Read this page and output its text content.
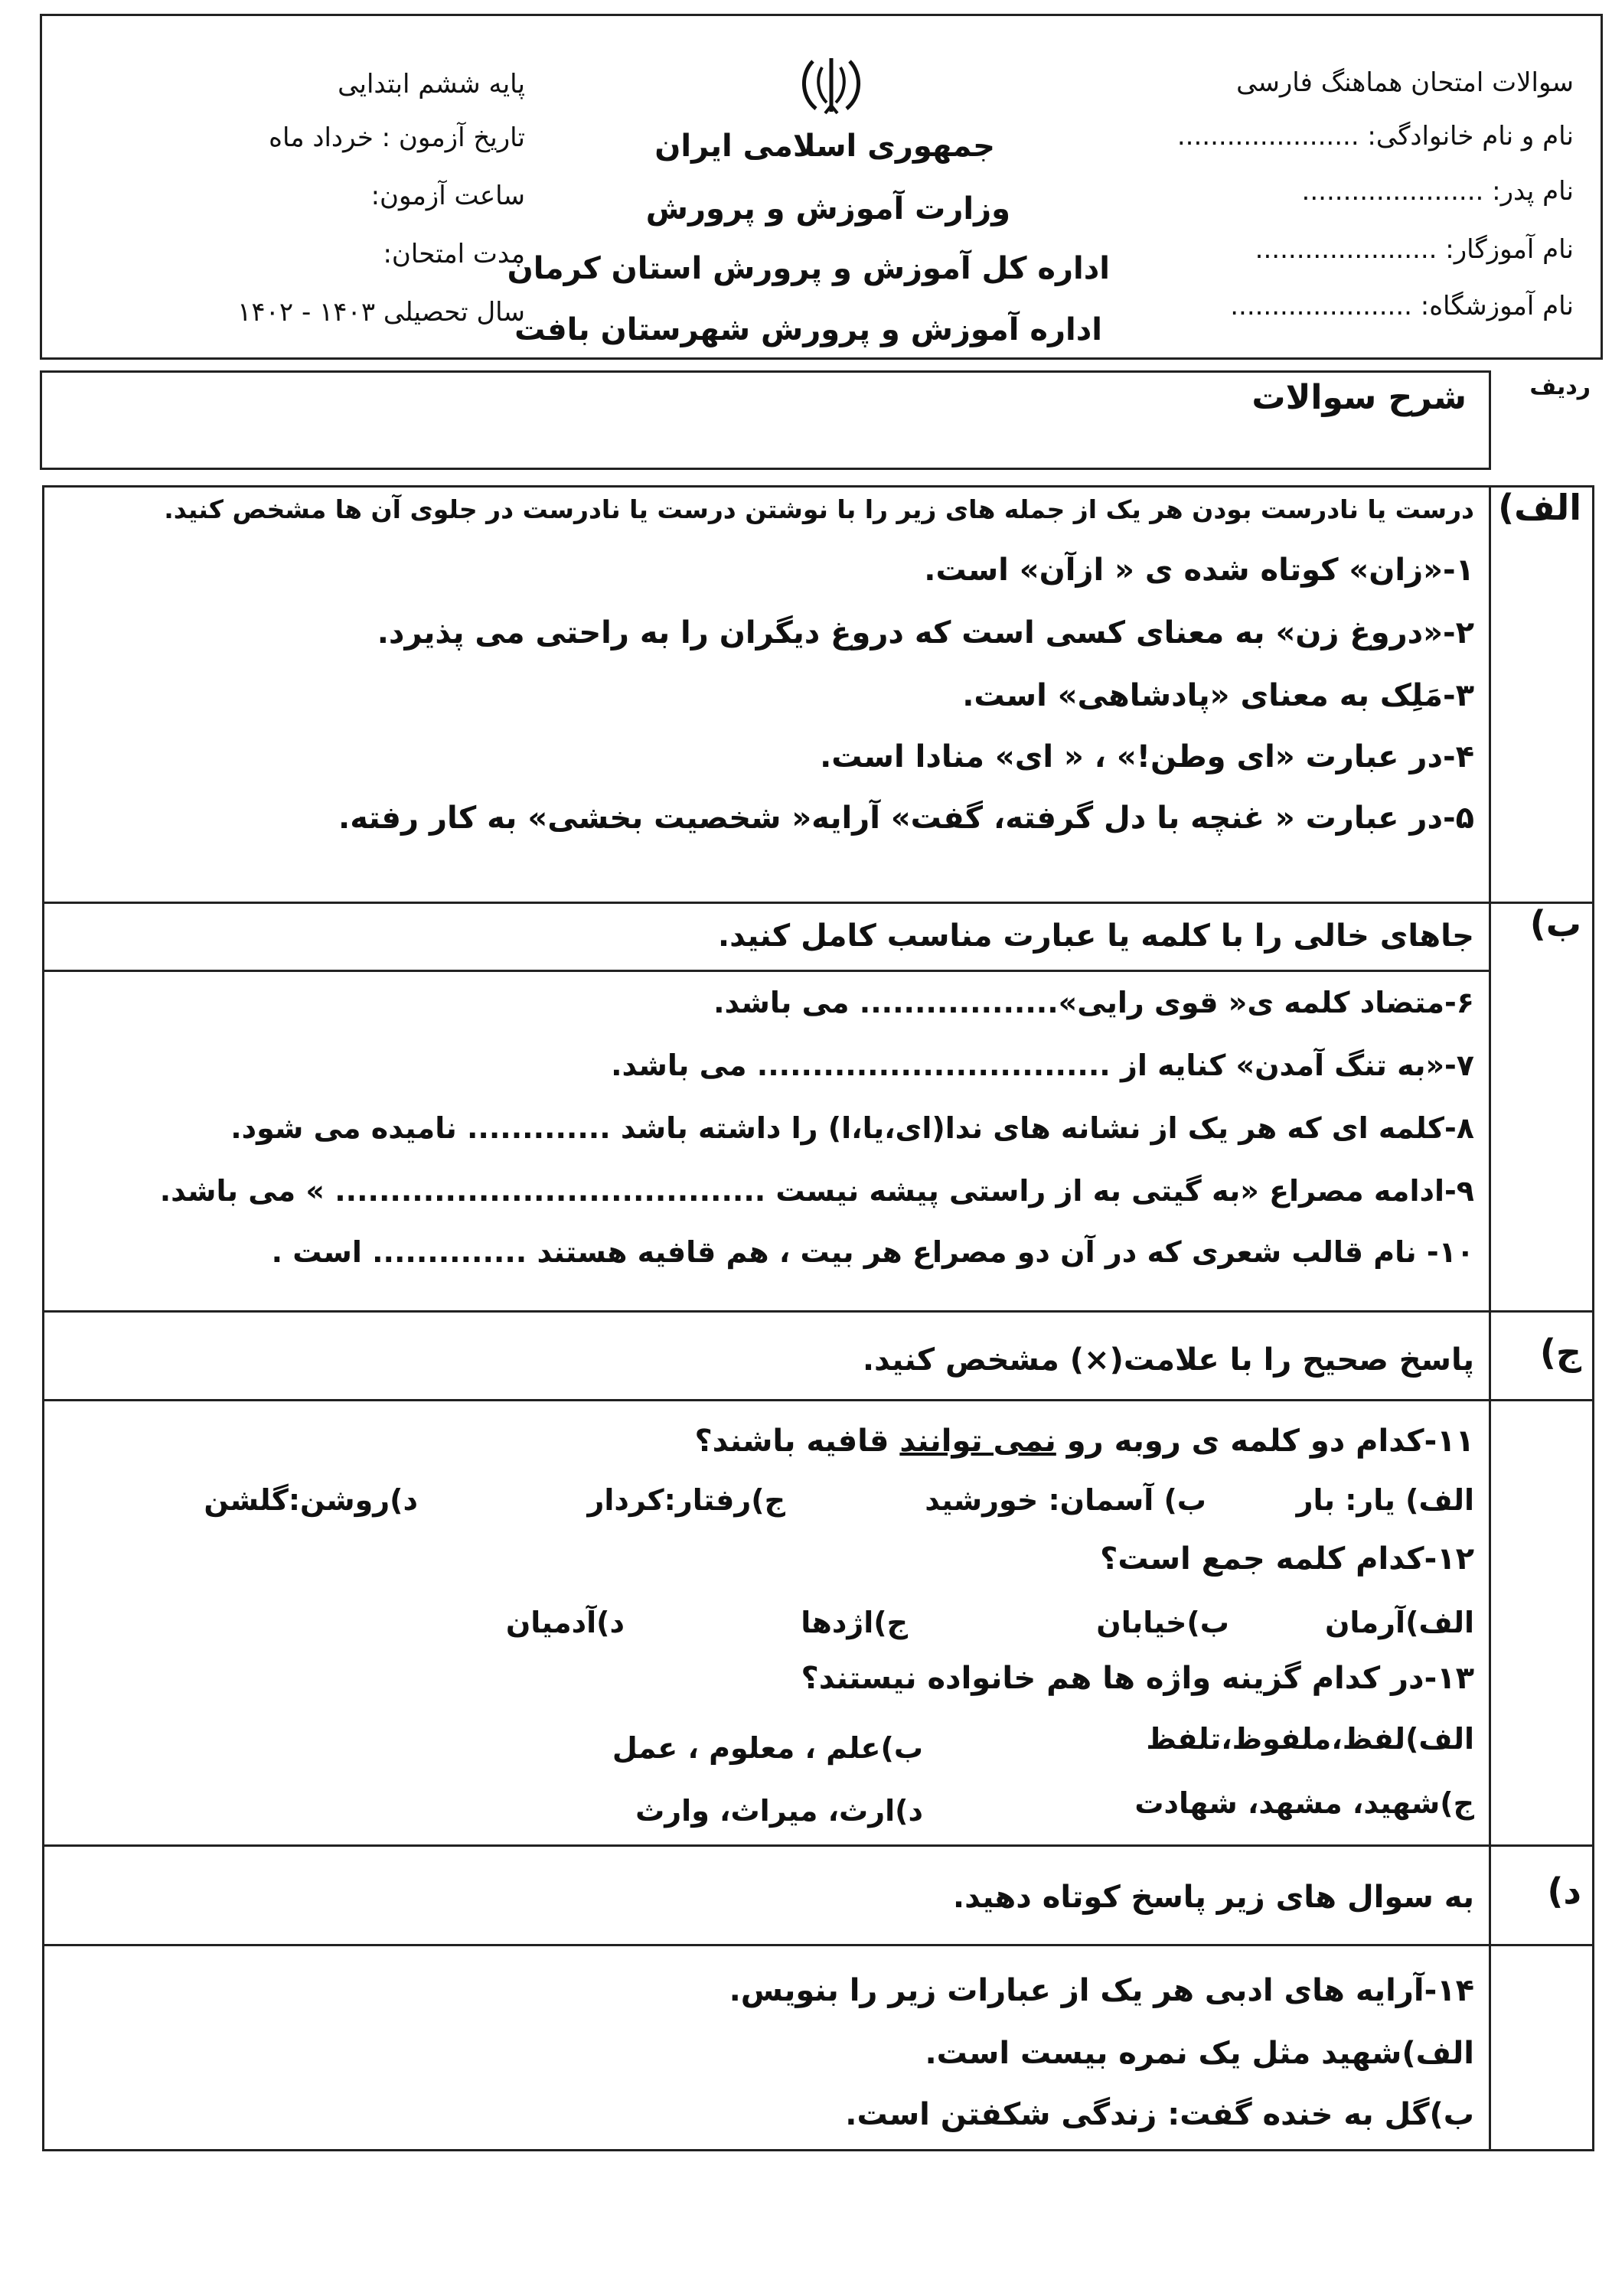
سوالات امتحان هماهنگ فارسی
نام و نام خانوادگی: ......................
نام پدر: ......................
نام آموزگار: ......................
نام آموزشگاه: ......................
جمهوری اسلامی ایران
وزارت آموزش و پرورش
اداره کل آموزش و پرورش استان کرمان
اداره آموزش و پرورش شهرستان بافت
پایه ششم ابتدایی
تاریخ آزمون : خرداد ماه
ساعت آزمون:
مدت امتحان:
سال تحصیلی ۱۴۰۳ - ۱۴۰۲
ردیف
شرح سوالات
الف)
درست یا نادرست بودن هر یک از جمله های زیر را با نوشتن درست یا نادرست در جلوی آن ها مشخص کنید.
۱-«زان» کوتاه شده ی « ازآن» است.
۲-«دروغ زن» به معنای کسی است که دروغ دیگران را به راحتی می پذیرد.
۳-مَلِک به معنای «پادشاهی» است.
۴-در عبارت «ای وطن!» ، « ای» منادا است.
۵-در عبارت « غنچه با دل گرفته، گفت» آرایه« شخصیت بخشی» به کار رفته.
ب)
جاهای خالی را با کلمه یا عبارت مناسب کامل کنید.
۶-متضاد کلمه ی« قوی رایی».................. می باشد.
۷-«به تنگ آمدن» کنایه از ................................ می باشد.
۸-کلمه ای که هر یک از نشانه های ندا(ای،یا،ا) را داشته باشد ............. نامیده می شود.
۹-ادامه مصراع «به گیتی به از راستی پیشه نیست ....................................... » می باشد.
۱۰- نام قالب شعری که در آن دو مصراع هر بیت ، هم قافیه هستند .............. است .
ج)
پاسخ صحیح را با علامت(×) مشخص کنید.
۱۱-کدام دو کلمه ی روبه رو نمی توانند قافیه باشند؟
الف) یار: بار
ب) آسمان: خورشید
ج)رفتار:کردار
د)روشن:گلشن
۱۲-کدام کلمه جمع است؟
الف)آرمان
ب)خیابان
ج)اژدها
د)آدمیان
۱۳-در کدام گزینه واژه ها هم خانواده نیستند؟
الف)لفظ،ملفوظ،تلفظ
ب)علم ، معلوم ، عمل
ج)شهید، مشهد، شهادت
د)ارث، میراث، وارث
د)
به سوال های زیر پاسخ کوتاه دهید.
۱۴-آرایه های ادبی هر یک از عبارات زیر را بنویس.
الف)شهید مثل یک نمره بیست است.
ب)گل به خنده گفت: زندگی شکفتن است.
